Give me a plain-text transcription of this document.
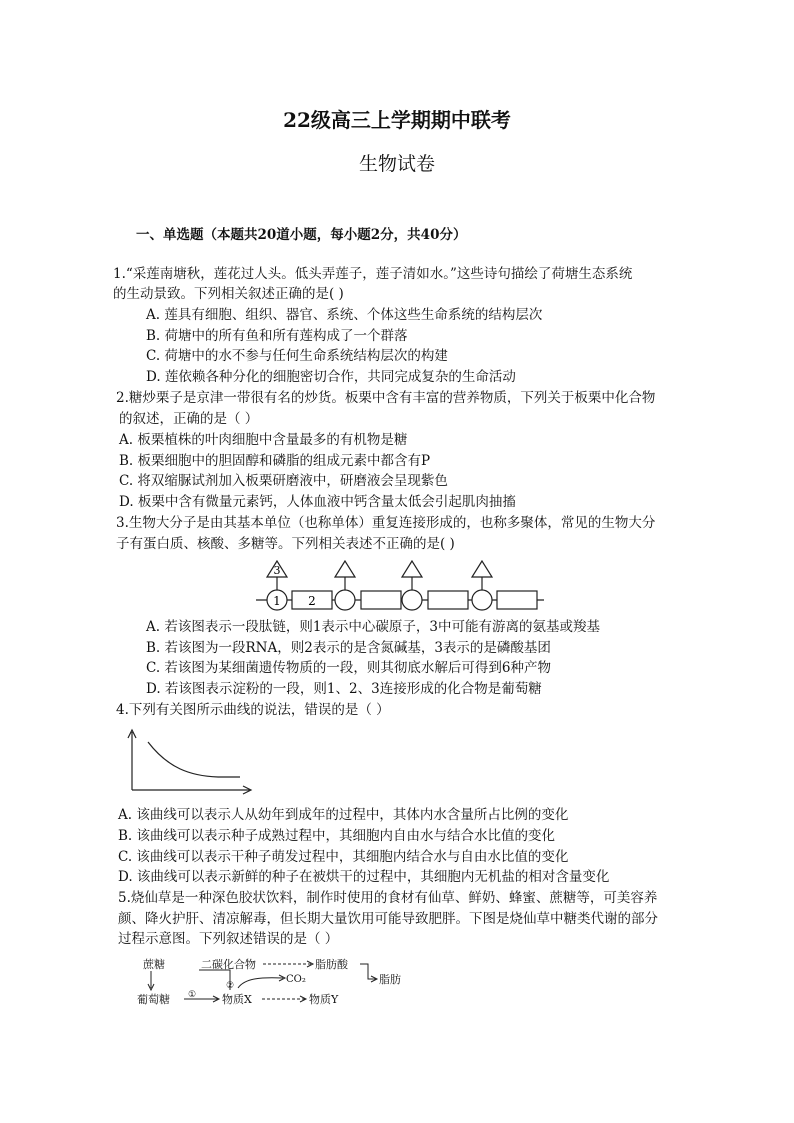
22级高三上学期期中联考
生物试卷
一、单选题（本题共20道小题，每小题2分，共40分）
1.“采莲南塘秋，莲花过人头。低头弄莲子，莲子清如水。”这些诗句描绘了荷塘生态系统
的生动景致。下列相关叙述正确的是( )
A. 莲具有细胞、组织、器官、系统、个体这些生命系统的结构层次
B. 荷塘中的所有鱼和所有莲构成了一个群落
C. 荷塘中的水不参与任何生命系统结构层次的构建
D. 莲依赖各种分化的细胞密切合作，共同完成复杂的生命活动
2.糖炒栗子是京津一带很有名的炒货。板栗中含有丰富的营养物质，下列关于板栗中化合物
的叙述，正确的是（ ）
A. 板栗植株的叶肉细胞中含量最多的有机物是糖
B. 板栗细胞中的胆固醇和磷脂的组成元素中都含有P
C. 将双缩脲试剂加入板栗研磨液中，研磨液会呈现紫色
D. 板栗中含有微量元素钙，人体血液中钙含量太低会引起肌肉抽搐
3.生物大分子是由其基本单位（也称单体）重复连接形成的，也称多聚体，常见的生物大分
子有蛋白质、核酸、多糖等。下列相关表述不正确的是( )
1 2
3
A. 若该图表示一段肽链，则1表示中心碳原子，3中可能有游离的氨基或羧基
B. 若该图为一段RNA，则2表示的是含氮碱基，3表示的是磷酸基团
C. 若该图为某细菌遗传物质的一段，则其彻底水解后可得到6种产物
D. 若该图表示淀粉的一段，则1、2、3连接形成的化合物是葡萄糖
4.下列有关图所示曲线的说法，错误的是（ ）
A. 该曲线可以表示人从幼年到成年的过程中，其体内水含量所占比例的变化
B. 该曲线可以表示种子成熟过程中，其细胞内自由水与结合水比值的变化
C. 该曲线可以表示干种子萌发过程中，其细胞内结合水与自由水比值的变化
D. 该曲线可以表示新鲜的种子在被烘干的过程中，其细胞内无机盐的相对含量变化
5.烧仙草是一种深色胶状饮料，制作时使用的食材有仙草、鲜奶、蜂蜜、蔗糖等，可美容养
颜、降火护肝、清凉解毒，但长期大量饮用可能导致肥胖。下图是烧仙草中糖类代谢的部分
过程示意图。下列叙述错误的是（ ）
蔗糖	二碳化合物
CO₂
脂肪酸
脂肪
葡萄糖	物质X	物质Y
①
②
